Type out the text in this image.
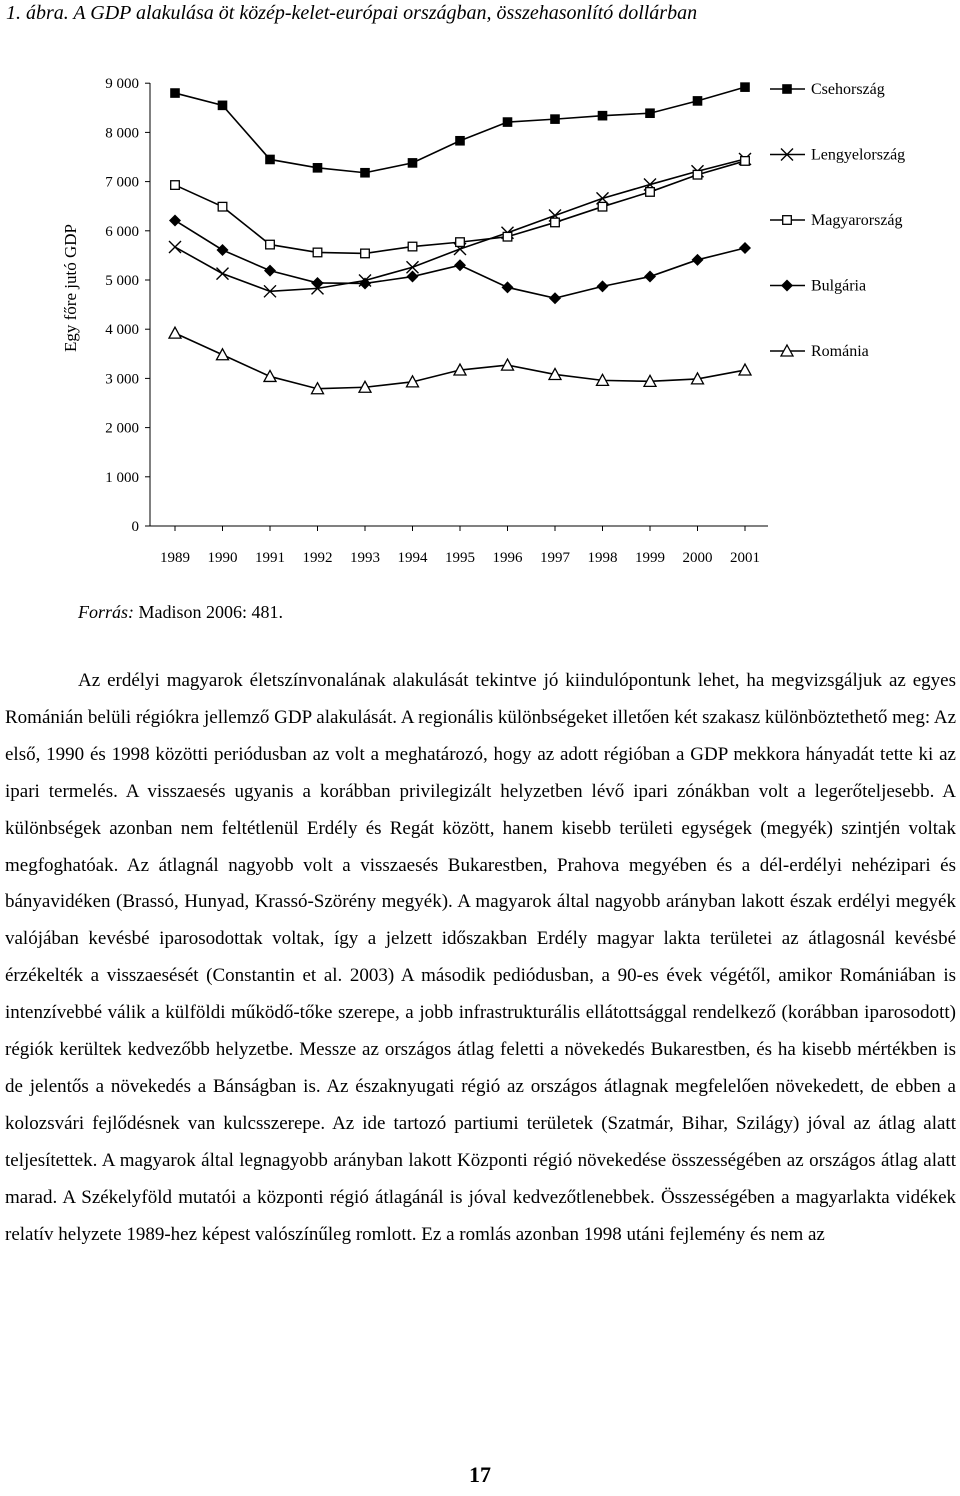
1. ábra. A GDP alakulása öt közép-kelet-európai országban, összehasonlító dollárban
Egy főre jutó GDP
0
1 000
2 000
3 000
4 000
5 000
6 000
7 000
8 000
9 000
1989 1990 1991 1992 1993 1994 1995 1996 1997 1998 1999 2000 2001
Csehország
Lengyelország
Magyarország
Bulgária
Románia
Forrás: Madison 2006: 481.

Az erdélyi magyarok életszínvonalának alakulását tekintve jó kiindulópontunk lehet, ha megvizsgáljuk az egyes Románián belüli régiókra jellemző GDP alakulását. A regionális különbségeket illetően két szakasz különböztethető meg: Az első, 1990 és 1998 közötti periódusban az volt a meghatározó, hogy az adott régióban a GDP mekkora hányadát tette ki az ipari termelés. A visszaesés ugyanis a korábban privilegizált helyzetben lévő ipari zónákban volt a legerőteljesebb. A különbségek azonban nem feltétlenül Erdély és Regát között, hanem kisebb területi egységek (megyék) szintjén voltak megfoghatóak. Az átlagnál nagyobb volt a visszaesés Bukarestben, Prahova megyében és a dél-erdélyi nehézipari és bányavidéken (Brassó, Hunyad, Krassó-Szörény megyék). A magyarok által nagyobb arányban lakott észak erdélyi megyék valójában kevésbé iparosodottak voltak, így a jelzett időszakban Erdély magyar lakta területei az átlagosnál kevésbé érzékelték a visszaesését (Constantin et al. 2003) A második pediódusban, a 90-es évek végétől, amikor Romániában is intenzívebbé válik a külföldi működő-tőke szerepe, a jobb infrastrukturális ellátottsággal rendelkező (korábban iparosodott) régiók kerültek kedvezőbb helyzetbe. Messze az országos átlag feletti a növekedés Bukarestben, és ha kisebb mértékben is de jelentős a növekedés a Bánságban is. Az északnyugati régió az országos átlagnak megfelelően növekedett, de ebben a kolozsvári fejlődésnek van kulcsszerepe. Az ide tartozó partiumi területek (Szatmár, Bihar, Szilágy) jóval az átlag alatt teljesítettek. A magyarok által legnagyobb arányban lakott Központi régió növekedése összességében az országos átlag alatt marad. A Székelyföld mutatói a központi régió átlagánál is jóval kedvezőtlenebbek. Összességében a magyarlakta vidékek relatív helyzete 1989-hez képest valószínűleg romlott. Ez a romlás azonban 1998 utáni fejlemény és nem az

17
